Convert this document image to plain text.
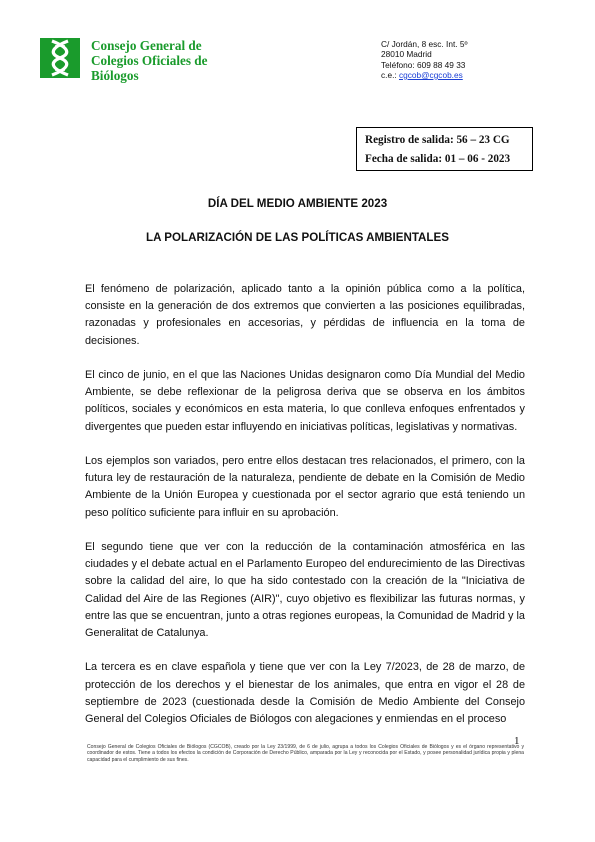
Consejo General de
Colegios Oficiales de
Biólogos
C/ Jordán, 8 esc. Int. 5º
28010 Madrid
Teléfono: 609 88 49 33
c.e.: cgcob@cgcob.es
Registro de salida: 56 – 23 CG
Fecha de salida: 01 – 06 - 2023
DÍA DEL MEDIO AMBIENTE 2023
LA POLARIZACIÓN DE LAS POLÍTICAS AMBIENTALES

El fenómeno de polarización, aplicado tanto a la opinión pública como a la política, consiste en la generación de dos extremos que convierten a las posiciones equilibradas, razonadas y profesionales en accesorias, y pérdidas de influencia en la toma de decisiones.

El cinco de junio, en el que las Naciones Unidas designaron como Día Mundial del Medio Ambiente, se debe reflexionar de la peligrosa deriva que se observa en los ámbitos políticos, sociales y económicos en esta materia, lo que conlleva enfoques enfrentados y divergentes que pueden estar influyendo en iniciativas políticas, legislativas y normativas.

Los ejemplos son variados, pero entre ellos destacan tres relacionados, el primero, con la futura ley de restauración de la naturaleza, pendiente de debate en la Comisión de Medio Ambiente de la Unión Europea y cuestionada por el sector agrario que está teniendo un peso político suficiente para influir en su aprobación.

El segundo tiene que ver con la reducción de la contaminación atmosférica en las ciudades y el debate actual en el Parlamento Europeo del endurecimiento de las Directivas sobre la calidad del aire, lo que ha sido contestado con la creación de la "Iniciativa de Calidad del Aire de las Regiones (AIR)", cuyo objetivo es flexibilizar las futuras normas, y entre las que se encuentran, junto a otras regiones europeas, la Comunidad de Madrid y la Generalitat de Catalunya.

La tercera es en clave española y tiene que ver con la Ley 7/2023, de 28 de marzo, de protección de los derechos y el bienestar de los animales, que entra en vigor el 28 de septiembre de 2023 (cuestionada desde la Comisión de Medio Ambiente del Consejo General del Colegios Oficiales de Biólogos con alegaciones y enmiendas en el proceso

1
Consejo General de Colegios Oficiales de Biólogos (CGCOB), creado por la Ley 23/1999, de 6 de julio, agrupa a todos los Colegios Oficiales de Biólogos y es el órgano representativo y coordinador de estos. Tiene a todos los efectos la condición de Corporación de Derecho Público, amparada por la Ley y reconocida por el Estado, y posee personalidad jurídica propia y plena capacidad para el cumplimiento de sus fines.
